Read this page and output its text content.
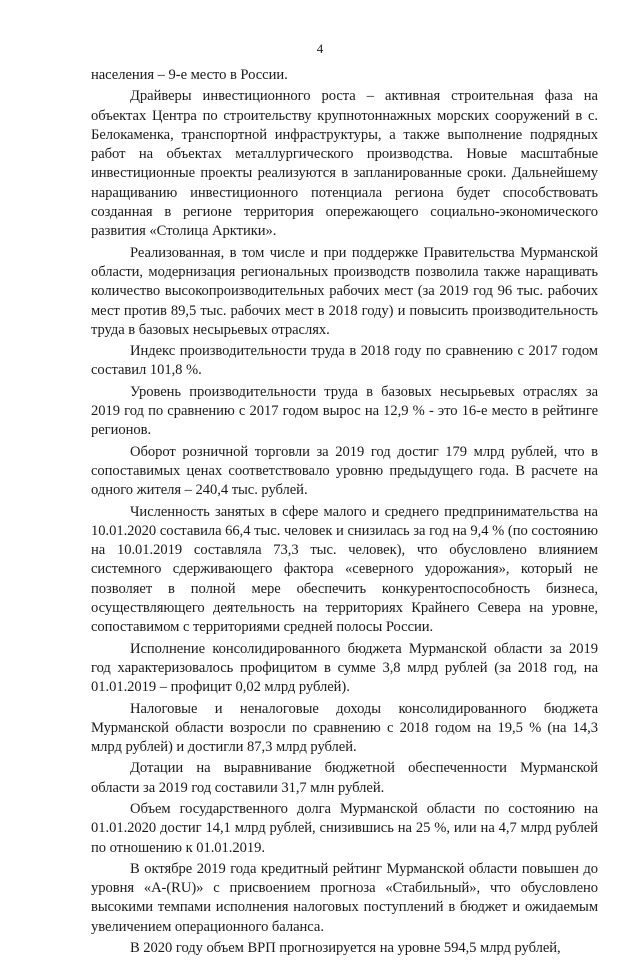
4

населения – 9-е место в России.

Драйверы инвестиционного роста – активная строительная фаза на объектах Центра по строительству крупнотоннажных морских сооружений в с. Белокаменка, транспортной инфраструктуры, а также выполнение подрядных работ на объектах металлургического производства. Новые масштабные инвестиционные проекты реализуются в запланированные сроки. Дальнейшему наращиванию инвестиционного потенциала региона будет способствовать созданная в регионе территория опережающего социально-экономического развития «Столица Арктики».

Реализованная, в том числе и при поддержке Правительства Мурманской области, модернизация региональных производств позволила также наращивать количество высокопроизводительных рабочих мест (за 2019 год 96 тыс. рабочих мест против 89,5 тыс. рабочих мест в 2018 году) и повысить производительность труда в базовых несырьевых отраслях.

Индекс производительности труда в 2018 году по сравнению с 2017 годом составил 101,8 %.

Уровень производительности труда в базовых несырьевых отраслях за 2019 год по сравнению с 2017 годом вырос на 12,9 % - это 16-е место в рейтинге регионов.

Оборот розничной торговли за 2019 год достиг 179 млрд рублей, что в сопоставимых ценах соответствовало уровню предыдущего года. В расчете на одного жителя – 240,4 тыс. рублей.

Численность занятых в сфере малого и среднего предпринимательства на 10.01.2020 составила 66,4 тыс. человек и снизилась за год на 9,4 % (по состоянию на 10.01.2019 составляла 73,3 тыс. человек), что обусловлено влиянием системного сдерживающего фактора «северного удорожания», который не позволяет в полной мере обеспечить конкурентоспособность бизнеса, осуществляющего деятельность на территориях Крайнего Севера на уровне, сопоставимом с территориями средней полосы России.

Исполнение консолидированного бюджета Мурманской области за 2019 год характеризовалось профицитом в сумме 3,8 млрд рублей (за 2018 год, на 01.01.2019 – профицит 0,02 млрд рублей).

Налоговые и неналоговые доходы консолидированного бюджета Мурманской области возросли по сравнению с 2018 годом на 19,5 % (на 14,3 млрд рублей) и достигли 87,3 млрд рублей.

Дотации на выравнивание бюджетной обеспеченности Мурманской области за 2019 год составили 31,7 млн рублей.

Объем государственного долга Мурманской области по состоянию на 01.01.2020 достиг 14,1 млрд рублей, снизившись на 25 %, или на 4,7 млрд рублей по отношению к 01.01.2019.

В октябре 2019 года кредитный рейтинг Мурманской области повышен до уровня «A-(RU)» с присвоением прогноза «Стабильный», что обусловлено высокими темпами исполнения налоговых поступлений в бюджет и ожидаемым увеличением операционного баланса.

В 2020 году объем ВРП прогнозируется на уровне 594,5 млрд рублей,
